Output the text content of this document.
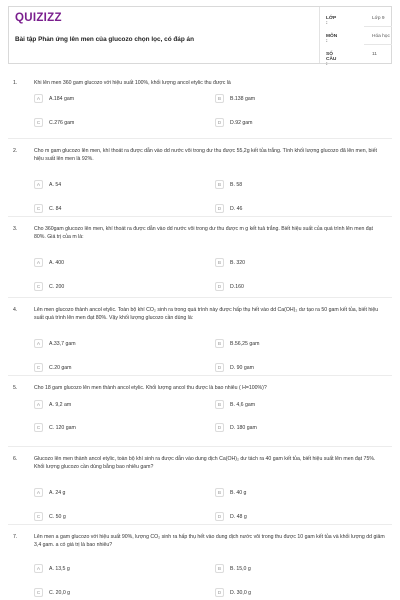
QUIZIZZ
Bài tập Phản ứng lên men của glucozo chọn lọc, có đáp án
LỚP :
Lớp 9
MÔN :
Hóa học
SỐ CÂU :
11
1.	Khi lên men 360 gam glucozo với hiệu suất 100%, khối lượng ancol etylic thu được là
A	A.184 gam	B	B.138 gam
C	C.276 gam	D	D.92 gam
2.	Cho m gam glucozo lên men, khí thoát ra được dẫn vào dd nước vôi trong dư thu được 55,2g kết tủa trắng. Tính khối lượng glucozo đã lên men, biết hiệu suất lên men là 92%.
A	A. 54	B	B. 58
C	C. 84	D	D. 46
3.	Cho 360gam glucozo lên men, khí thoát ra được dẫn vào dd nước vôi trong dư thu được m g kết tuả trắng. Biết hiệu suất của quá trình lên men đạt 80%. Giá trị của m là:
A	A. 400	B	B. 320
C	C. 200	D	D.160
4.	Lên men glucozo thành ancol etylic. Toàn bộ khí CO₂ sinh ra trong quá trình này được hấp thụ hết vào dd Ca(OH)₂ dư tạo ra 50 gam kết tủa, biết hiệu suất quá trình lên men đạt 80%. Vậy khối lượng glucozo cần dùng là:
A	A.33,7 gam	B	B.56,25 gam
C	C.20 gam	D	D. 90 gam
5.	Cho 18 gam glucozo lên men thành ancol etylic. Khối lượng ancol thu được là bao nhiêu ( H=100%)?
A	A. 9,2 am	B	B. 4,6 gam
C	C. 120 gam	D	D. 180 gam
6.	Glucozo lên men thành ancol etylic, toàn bộ khí sinh ra được dẫn vào dung dịch Ca(OH)₂ dư tách ra 40 gam kết tủa, biết hiệu suất lên men đạt 75%. Khối lượng glucozo cần dùng bằng bao nhiêu gam?
A	A. 24 g	B	B. 40 g
C	C. 50 g	D	D. 48 g
7.	Lên men a gam glucozo với hiệu suất 90%, lượng CO₂ sinh ra hấp thụ hết vào dung dịch nước vôi trong thu được 10 gam kết tủa và khối lượng dd giảm 3,4 gam. a có giá trị là bao nhiêu?
A	A. 13,5 g	B	B. 15,0 g
C	C. 20,0 g	D	D. 30,0 g
